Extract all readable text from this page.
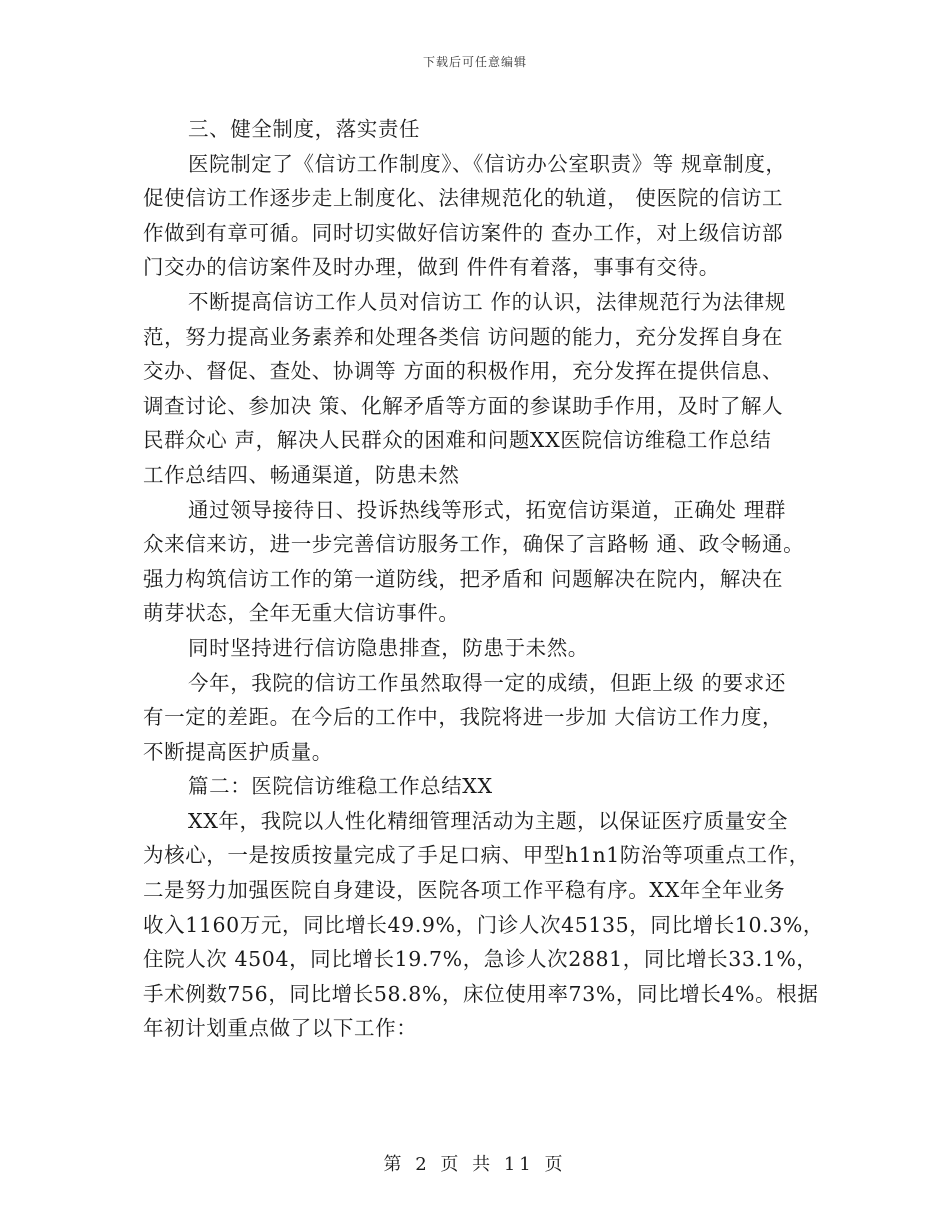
下载后可任意编辑
三、健全制度，落实责任
医院制定了《信访工作制度》、《信访办公室职责》等 规章制度，
促使信访工作逐步走上制度化、法律规范化的轨道， 使医院的信访工
作做到有章可循。同时切实做好信访案件的 查办工作，对上级信访部
门交办的信访案件及时办理，做到 件件有着落，事事有交待。
不断提高信访工作人员对信访工 作的认识，法律规范行为法律规
范，努力提高业务素养和处理各类信 访问题的能力，充分发挥自身在
交办、督促、查处、协调等 方面的积极作用，充分发挥在提供信息、
调查讨论、参加决 策、化解矛盾等方面的参谋助手作用，及时了解人
民群众心 声，解决人民群众的困难和问题XX医院信访维稳工作总结
工作总结四、畅通渠道，防患未然
通过领导接待日、投诉热线等形式，拓宽信访渠道，正确处 理群
众来信来访，进一步完善信访服务工作，确保了言路畅 通、政令畅通。
强力构筑信访工作的第一道防线，把矛盾和 问题解决在院内，解决在
萌芽状态，全年无重大信访事件。
同时坚持进行信访隐患排查，防患于未然。
今年，我院的信访工作虽然取得一定的成绩，但距上级 的要求还
有一定的差距。在今后的工作中，我院将进一步加 大信访工作力度，
不断提高医护质量。
篇二：医院信访维稳工作总结XX
XX年，我院以人性化精细管理活动为主题，以保证医疗质量安全
为核心，一是按质按量完成了手足口病、甲型h1n1防治等项重点工作，
二是努力加强医院自身建设，医院各项工作平稳有序。XX年全年业务
收入1160万元，同比增长49.9%，门诊人次45135，同比增长10.3%，
住院人次 4504，同比增长19.7%，急诊人次2881，同比增长33.1%，
手术例数756，同比增长58.8%，床位使用率73%，同比增长4%。根据
年初计划重点做了以下工作：
第 2 页 共 11 页
